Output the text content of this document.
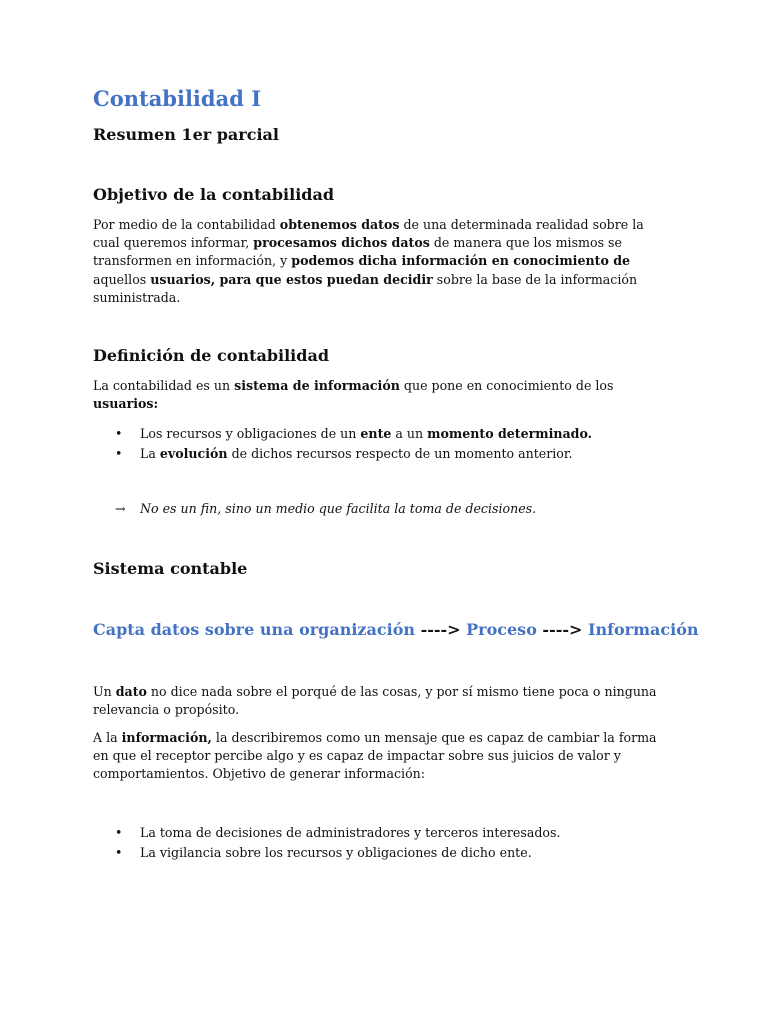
Contabilidad I
Resumen 1er parcial
Objetivo de la contabilidad

Por medio de la contabilidad obtenemos datos de una determinada realidad sobre la cual queremos informar, procesamos dichos datos de manera que los mismos se transformen en información, y podemos dicha información en conocimiento de aquellos usuarios, para que estos puedan decidir sobre la base de la información suministrada.

Definición de contabilidad

La contabilidad es un sistema de información que pone en conocimiento de los usuarios:

• Los recursos y obligaciones de un ente a un momento determinado.
• La evolución de dichos recursos respecto de un momento anterior.
→ No es un fin, sino un medio que facilita la toma de decisiones.
Sistema contable
Capta datos sobre una organización ----> Proceso ----> Información

Un dato no dice nada sobre el porqué de las cosas, y por sí mismo tiene poca o ninguna relevancia o propósito.

A la información, la describiremos como un mensaje que es capaz de cambiar la forma en que el receptor percibe algo y es capaz de impactar sobre sus juicios de valor y comportamientos. Objetivo de generar información:

• La toma de decisiones de administradores y terceros interesados.
• La vigilancia sobre los recursos y obligaciones de dicho ente.
